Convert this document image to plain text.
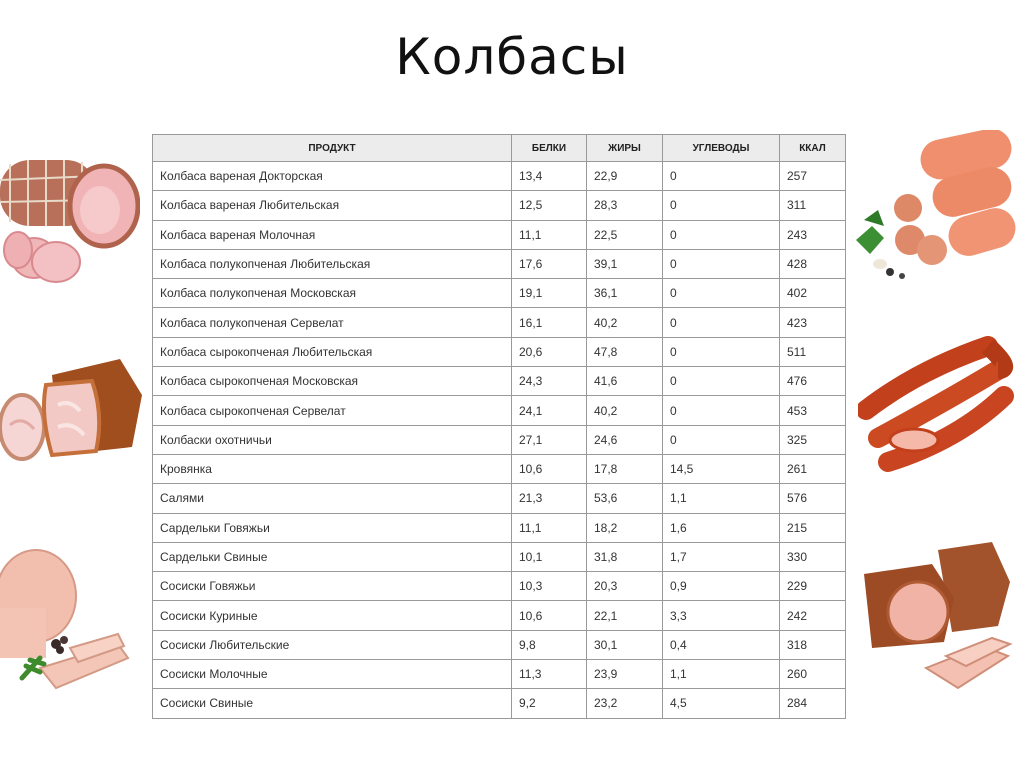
Колбасы
ПРОДУКТ	БЕЛКИ	ЖИРЫ	УГЛЕВОДЫ	ККАЛ
Колбаса вареная Докторская	13,4	22,9	0	257
Колбаса вареная Любительская	12,5	28,3	0	311
Колбаса вареная Молочная	11,1	22,5	0	243
Колбаса полукопченая Любительская	17,6	39,1	0	428
Колбаса полукопченая Московская	19,1	36,1	0	402
Колбаса полукопченая Сервелат	16,1	40,2	0	423
Колбаса сырокопченая Любительская	20,6	47,8	0	511
Колбаса сырокопченая Московская	24,3	41,6	0	476
Колбаса сырокопченая Сервелат	24,1	40,2	0	453
Колбаски охотничьи	27,1	24,6	0	325
Кровянка	10,6	17,8	14,5	261
Салями	21,3	53,6	1,1	576
Сардельки Говяжьи	11,1	18,2	1,6	215
Сардельки Свиные	10,1	31,8	1,7	330
Сосиски Говяжьи	10,3	20,3	0,9	229
Сосиски Куриные	10,6	22,1	3,3	242
Сосиски Любительские	9,8	30,1	0,4	318
Сосиски Молочные	11,3	23,9	1,1	260
Сосиски Свиные	9,2	23,2	4,5	284
